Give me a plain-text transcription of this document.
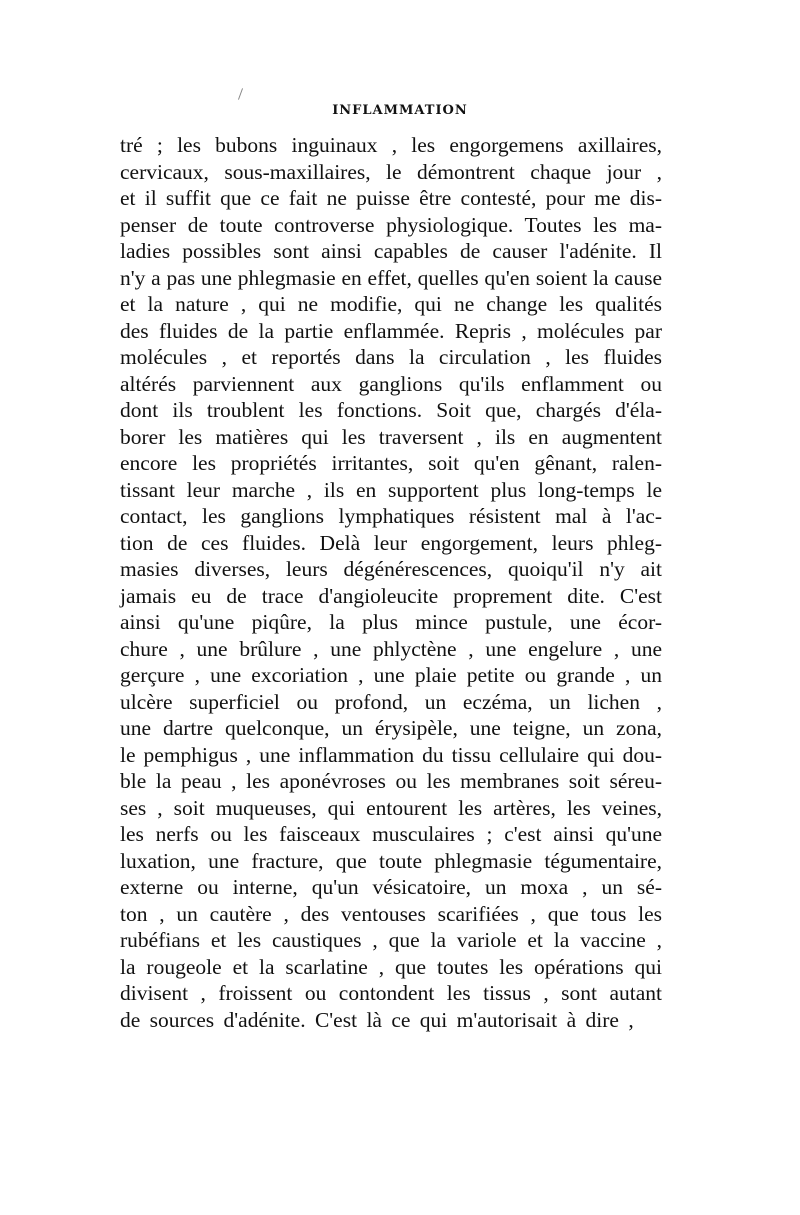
INFLAMMATION
tré ; les bubons inguinaux , les engorgemens axillaires,
cervicaux, sous-maxillaires, le démontrent chaque jour ,
et il suffit que ce fait ne puisse être contesté, pour me dis-
penser de toute controverse physiologique. Toutes les ma-
ladies possibles sont ainsi capables de causer l'adénite. Il
n'y a pas une phlegmasie en effet, quelles qu'en soient la cause
et la nature , qui ne modifie, qui ne change les qualités
des fluides de la partie enflammée. Repris , molécules par
molécules , et reportés dans la circulation , les fluides
altérés parviennent aux ganglions qu'ils enflamment ou
dont ils troublent les fonctions. Soit que, chargés d'éla-
borer les matières qui les traversent , ils en augmentent
encore les propriétés irritantes, soit qu'en gênant, ralen-
tissant leur marche , ils en supportent plus long-temps le
contact, les ganglions lymphatiques résistent mal à l'ac-
tion de ces fluides. Delà leur engorgement, leurs phleg-
masies diverses, leurs dégénérescences, quoiqu'il n'y ait
jamais eu de trace d'angioleucite proprement dite. C'est
ainsi qu'une piqûre, la plus mince pustule, une écor-
chure , une brûlure , une phlyctène , une engelure , une
gerçure , une excoriation , une plaie petite ou grande , un
ulcère superficiel ou profond, un eczéma, un lichen ,
une dartre quelconque, un érysipèle, une teigne, un zona,
le pemphigus , une inflammation du tissu cellulaire qui dou-
ble la peau , les aponévroses ou les membranes soit séreu-
ses , soit muqueuses, qui entourent les artères, les veines,
les nerfs ou les faisceaux musculaires ; c'est ainsi qu'une
luxation, une fracture, que toute phlegmasie tégumentaire,
externe ou interne, qu'un vésicatoire, un moxa , un sé-
ton , un cautère , des ventouses scarifiées , que tous les
rubéfians et les caustiques , que la variole et la vaccine ,
la rougeole et la scarlatine , que toutes les opérations qui
divisent , froissent ou contondent les tissus , sont autant
de sources d'adénite. C'est là ce qui m'autorisait à dire ,
